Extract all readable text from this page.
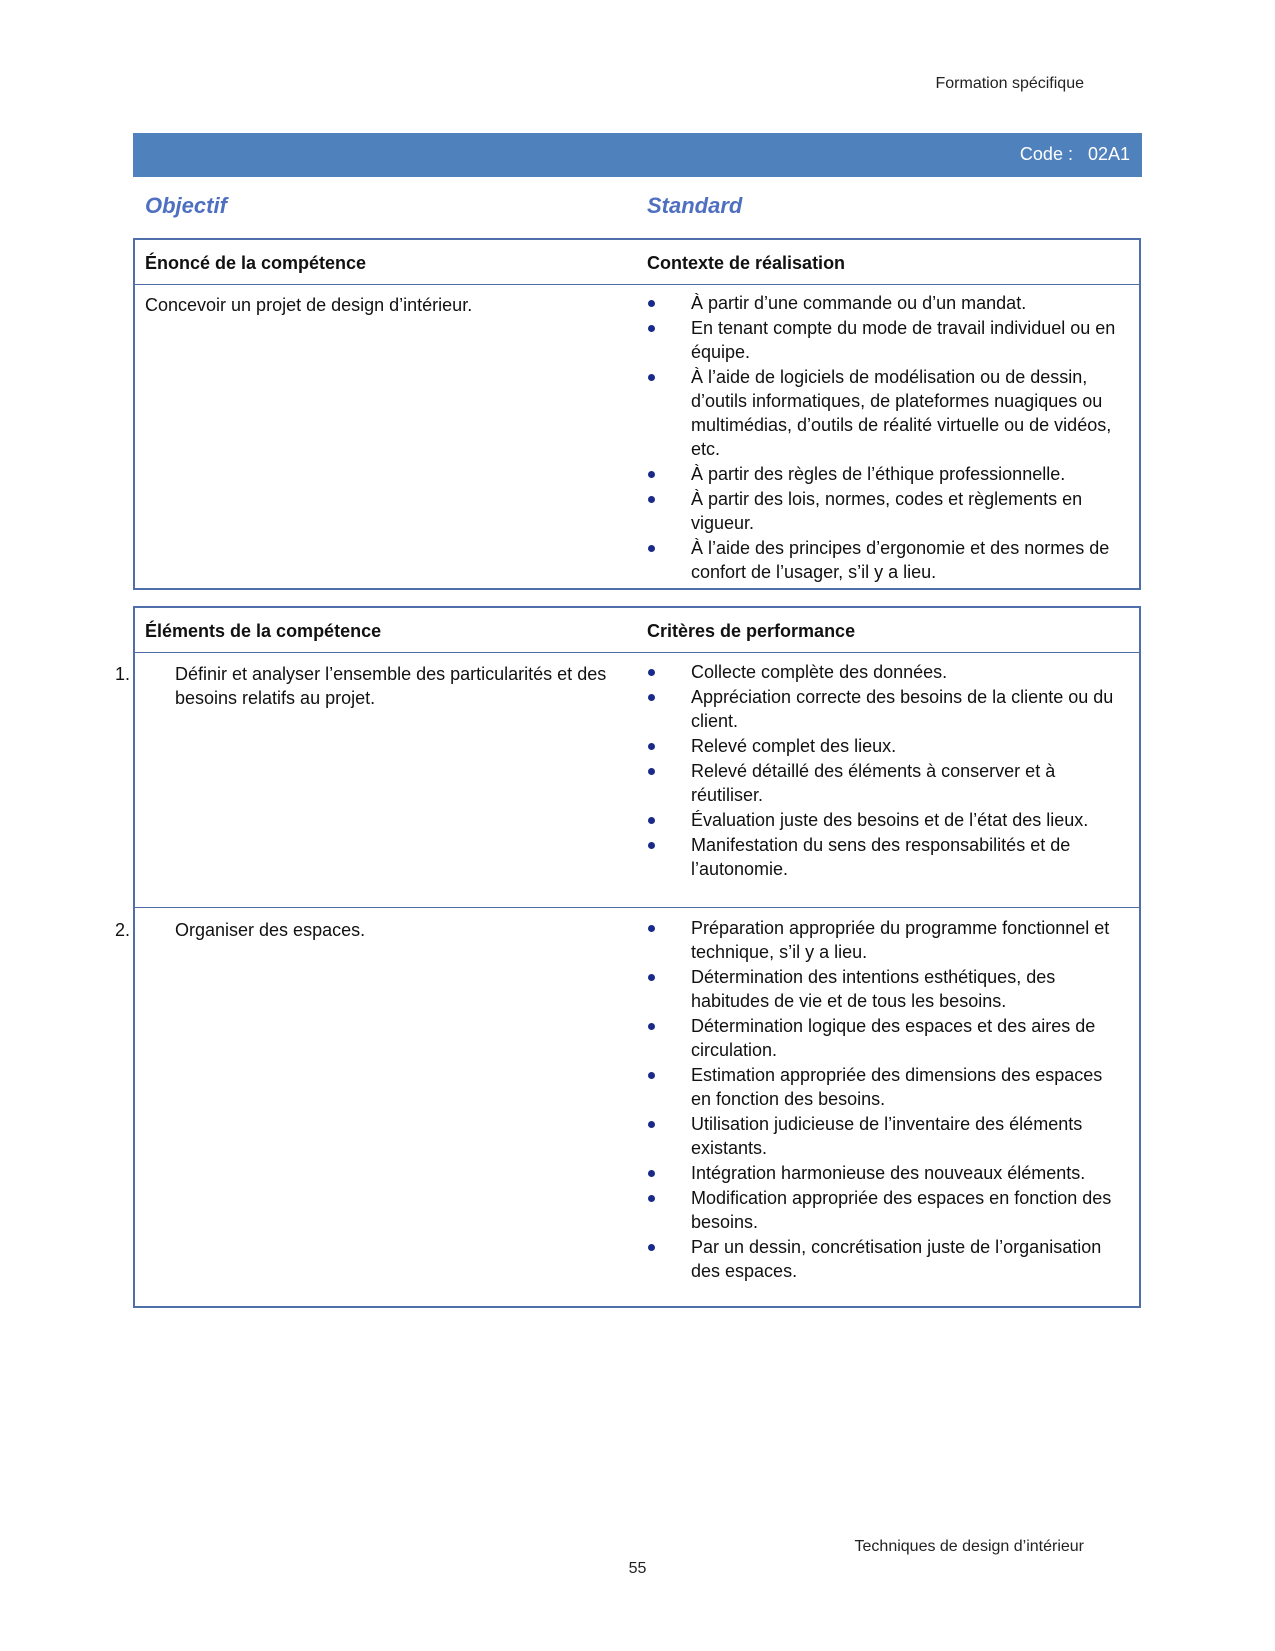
Formation spécifique
Code :   02A1
Objectif	Standard
Énoncé de la compétence	Contexte de réalisation
Concevoir un projet de design d’intérieur.	À partir d’une commande ou d’un mandat.
En tenant compte du mode de travail individuel ou en équipe.
À l’aide de logiciels de modélisation ou de dessin, d’outils informatiques, de plateformes nuagiques ou multimédias, d’outils de réalité virtuelle ou de vidéos, etc.
À partir des règles de l’éthique professionnelle.
À partir des lois, normes, codes et règlements en vigueur.
À l’aide des principes d’ergonomie et des normes de confort de l’usager, s’il y a lieu.
Éléments de la compétence	Critères de performance
1. Définir et analyser l’ensemble des particularités et des besoins relatifs au projet.
Collecte complète des données.
Appréciation correcte des besoins de la cliente ou du client.
Relevé complet des lieux.
Relevé détaillé des éléments à conserver et à réutiliser.
Évaluation juste des besoins et de l’état des lieux.
Manifestation du sens des responsabilités et de l’autonomie.
2. Organiser des espaces.	Préparation appropriée du programme fonctionnel et technique, s’il y a lieu.
Détermination des intentions esthétiques, des habitudes de vie et de tous les besoins.
Détermination logique des espaces et des aires de circulation.
Estimation appropriée des dimensions des espaces en fonction des besoins.
Utilisation judicieuse de l’inventaire des éléments existants.
Intégration harmonieuse des nouveaux éléments.
Modification appropriée des espaces en fonction des besoins.
Par un dessin, concrétisation juste de l’organisation des espaces.
Techniques de design d’intérieur
55
